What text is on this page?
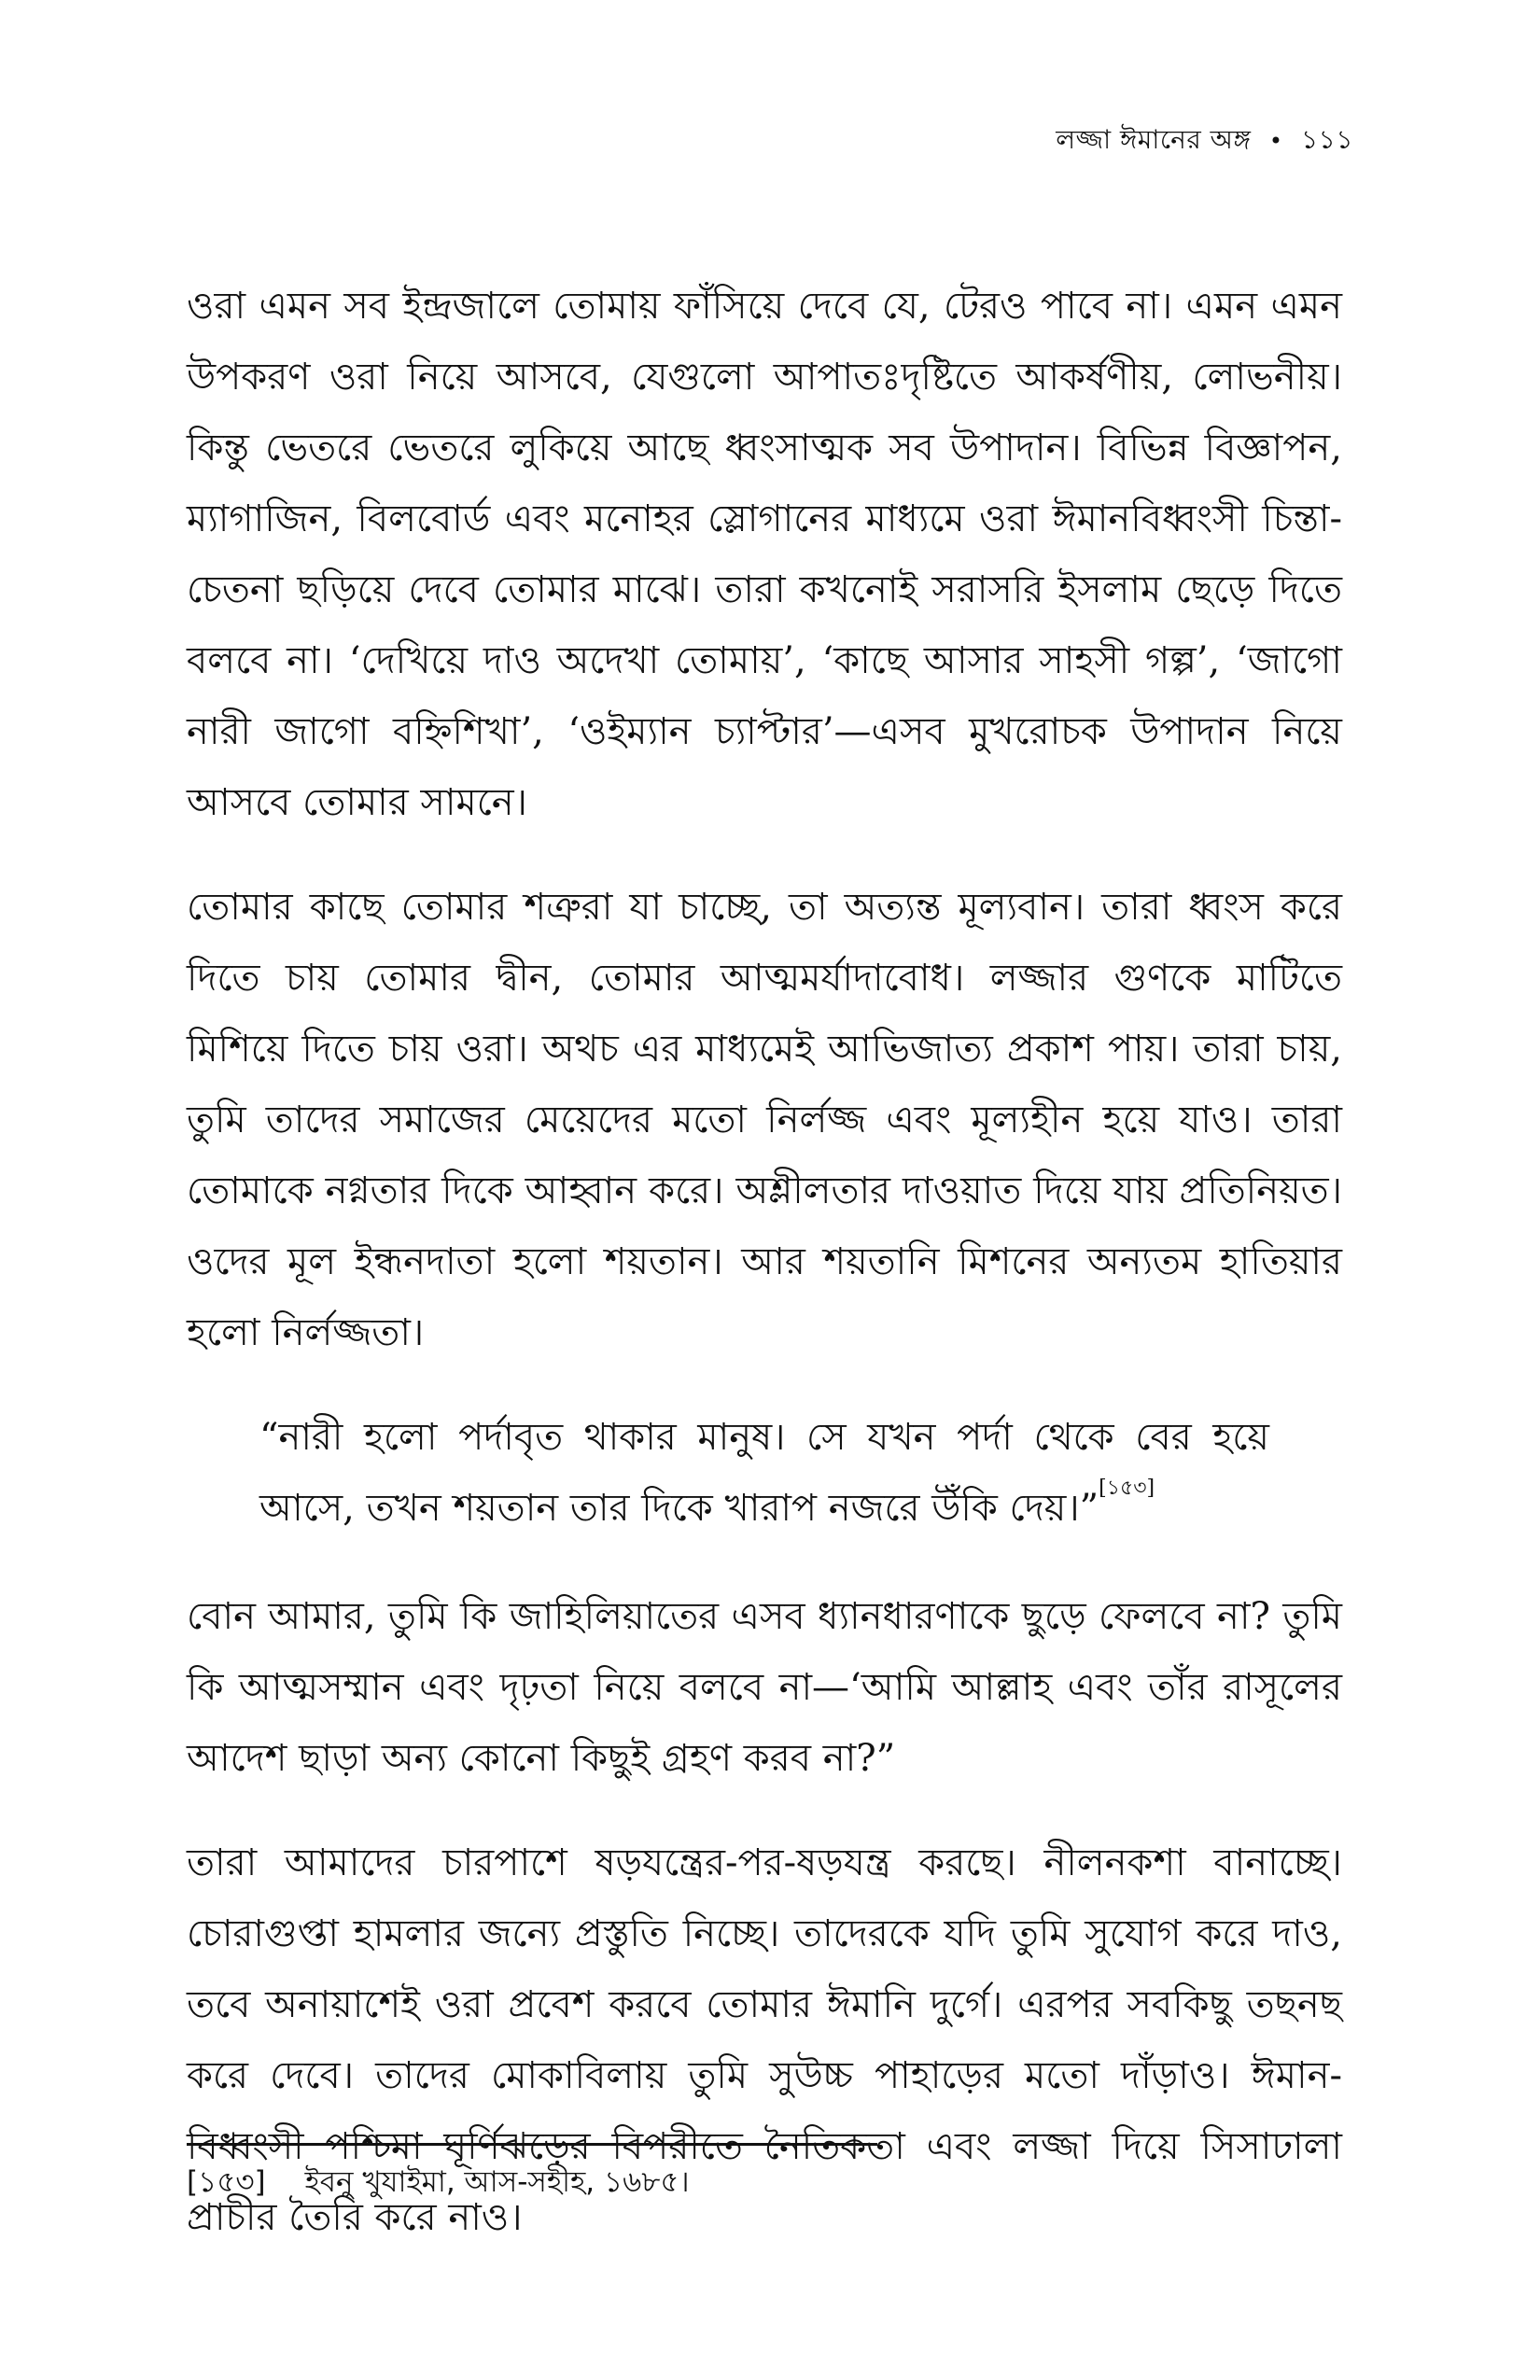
লজ্জা ঈমানের অঙ্গ • ১১১

ওরা এমন সব ইন্দ্রজালে তোমায় ফাঁসিয়ে দেবে যে, টেরও পাবে না। এমন এমন উপকরণ ওরা নিয়ে আসবে, যেগুলো আপাতঃদৃষ্টিতে আকর্ষণীয়, লোভনীয়। কিন্তু ভেতরে ভেতরে লুকিয়ে আছে ধ্বংসাত্মক সব উপাদান। বিভিন্ন বিজ্ঞাপন, ম্যাগাজিন, বিলবোর্ড এবং মনোহর স্লোগানের মাধ্যমে ওরা ঈমানবিধ্বংসী চিন্তা-চেতনা ছড়িয়ে দেবে তোমার মাঝে। তারা কখনোই সরাসরি ইসলাম ছেড়ে দিতে বলবে না। ‘দেখিয়ে দাও অদেখা তোমায়’, ‘কাছে আসার সাহসী গল্প’, ‘জাগো নারী জাগো বহ্নিশিখা’, ‘ওইম্যান চ্যাপ্টার’—এসব মুখরোচক উপাদান নিয়ে আসবে তোমার সামনে।

তোমার কাছে তোমার শত্রুরা যা চাচ্ছে, তা অত্যন্ত মূল্যবান। তারা ধ্বংস করে দিতে চায় তোমার দ্বীন, তোমার আত্মমর্যাদাবোধ। লজ্জার গুণকে মাটিতে মিশিয়ে দিতে চায় ওরা। অথচ এর মাধ্যমেই আভিজাত্য প্রকাশ পায়। তারা চায়, তুমি তাদের সমাজের মেয়েদের মতো নির্লজ্জ এবং মূল্যহীন হয়ে যাও। তারা তোমাকে নগ্নতার দিকে আহ্বান করে। অশ্লীলতার দাওয়াত দিয়ে যায় প্রতিনিয়ত। ওদের মূল ইন্ধনদাতা হলো শয়তান। আর শয়তানি মিশনের অন্যতম হাতিয়ার হলো নির্লজ্জতা।

“নারী হলো পর্দাবৃত থাকার মানুষ। সে যখন পর্দা থেকে বের হয়ে আসে, তখন শয়তান তার দিকে খারাপ নজরে উঁকি দেয়।”[১৫৩]

বোন আমার, তুমি কি জাহিলিয়াতের এসব ধ্যানধারণাকে ছুড়ে ফেলবে না? তুমি কি আত্মসম্মান এবং দৃঢ়তা নিয়ে বলবে না—‘আমি আল্লাহ এবং তাঁর রাসূলের আদেশ ছাড়া অন্য কোনো কিছুই গ্রহণ করব না?”

তারা আমাদের চারপাশে ষড়যন্ত্রের-পর-ষড়যন্ত্র করছে। নীলনকশা বানাচ্ছে। চোরাগুপ্তা হামলার জন্যে প্রস্তুতি নিচ্ছে। তাদেরকে যদি তুমি সুযোগ করে দাও, তবে অনায়াশেই ওরা প্রবেশ করবে তোমার ঈমানি দুর্গে। এরপর সবকিছু তছনছ করে দেবে। তাদের মোকাবিলায় তুমি সুউচ্চ পাহাড়ের মতো দাঁড়াও। ঈমান-বিধ্বংসী পশ্চিমা ঘূর্ণিঝড়ের বিপরীতে নৈতিকতা এবং লজ্জা দিয়ে সিসাঢালা প্রাচীর তৈরি করে নাও।

[১৫৩] ইবনু খুযাইমা, আস-সহীহ, ১৬৮৫।
